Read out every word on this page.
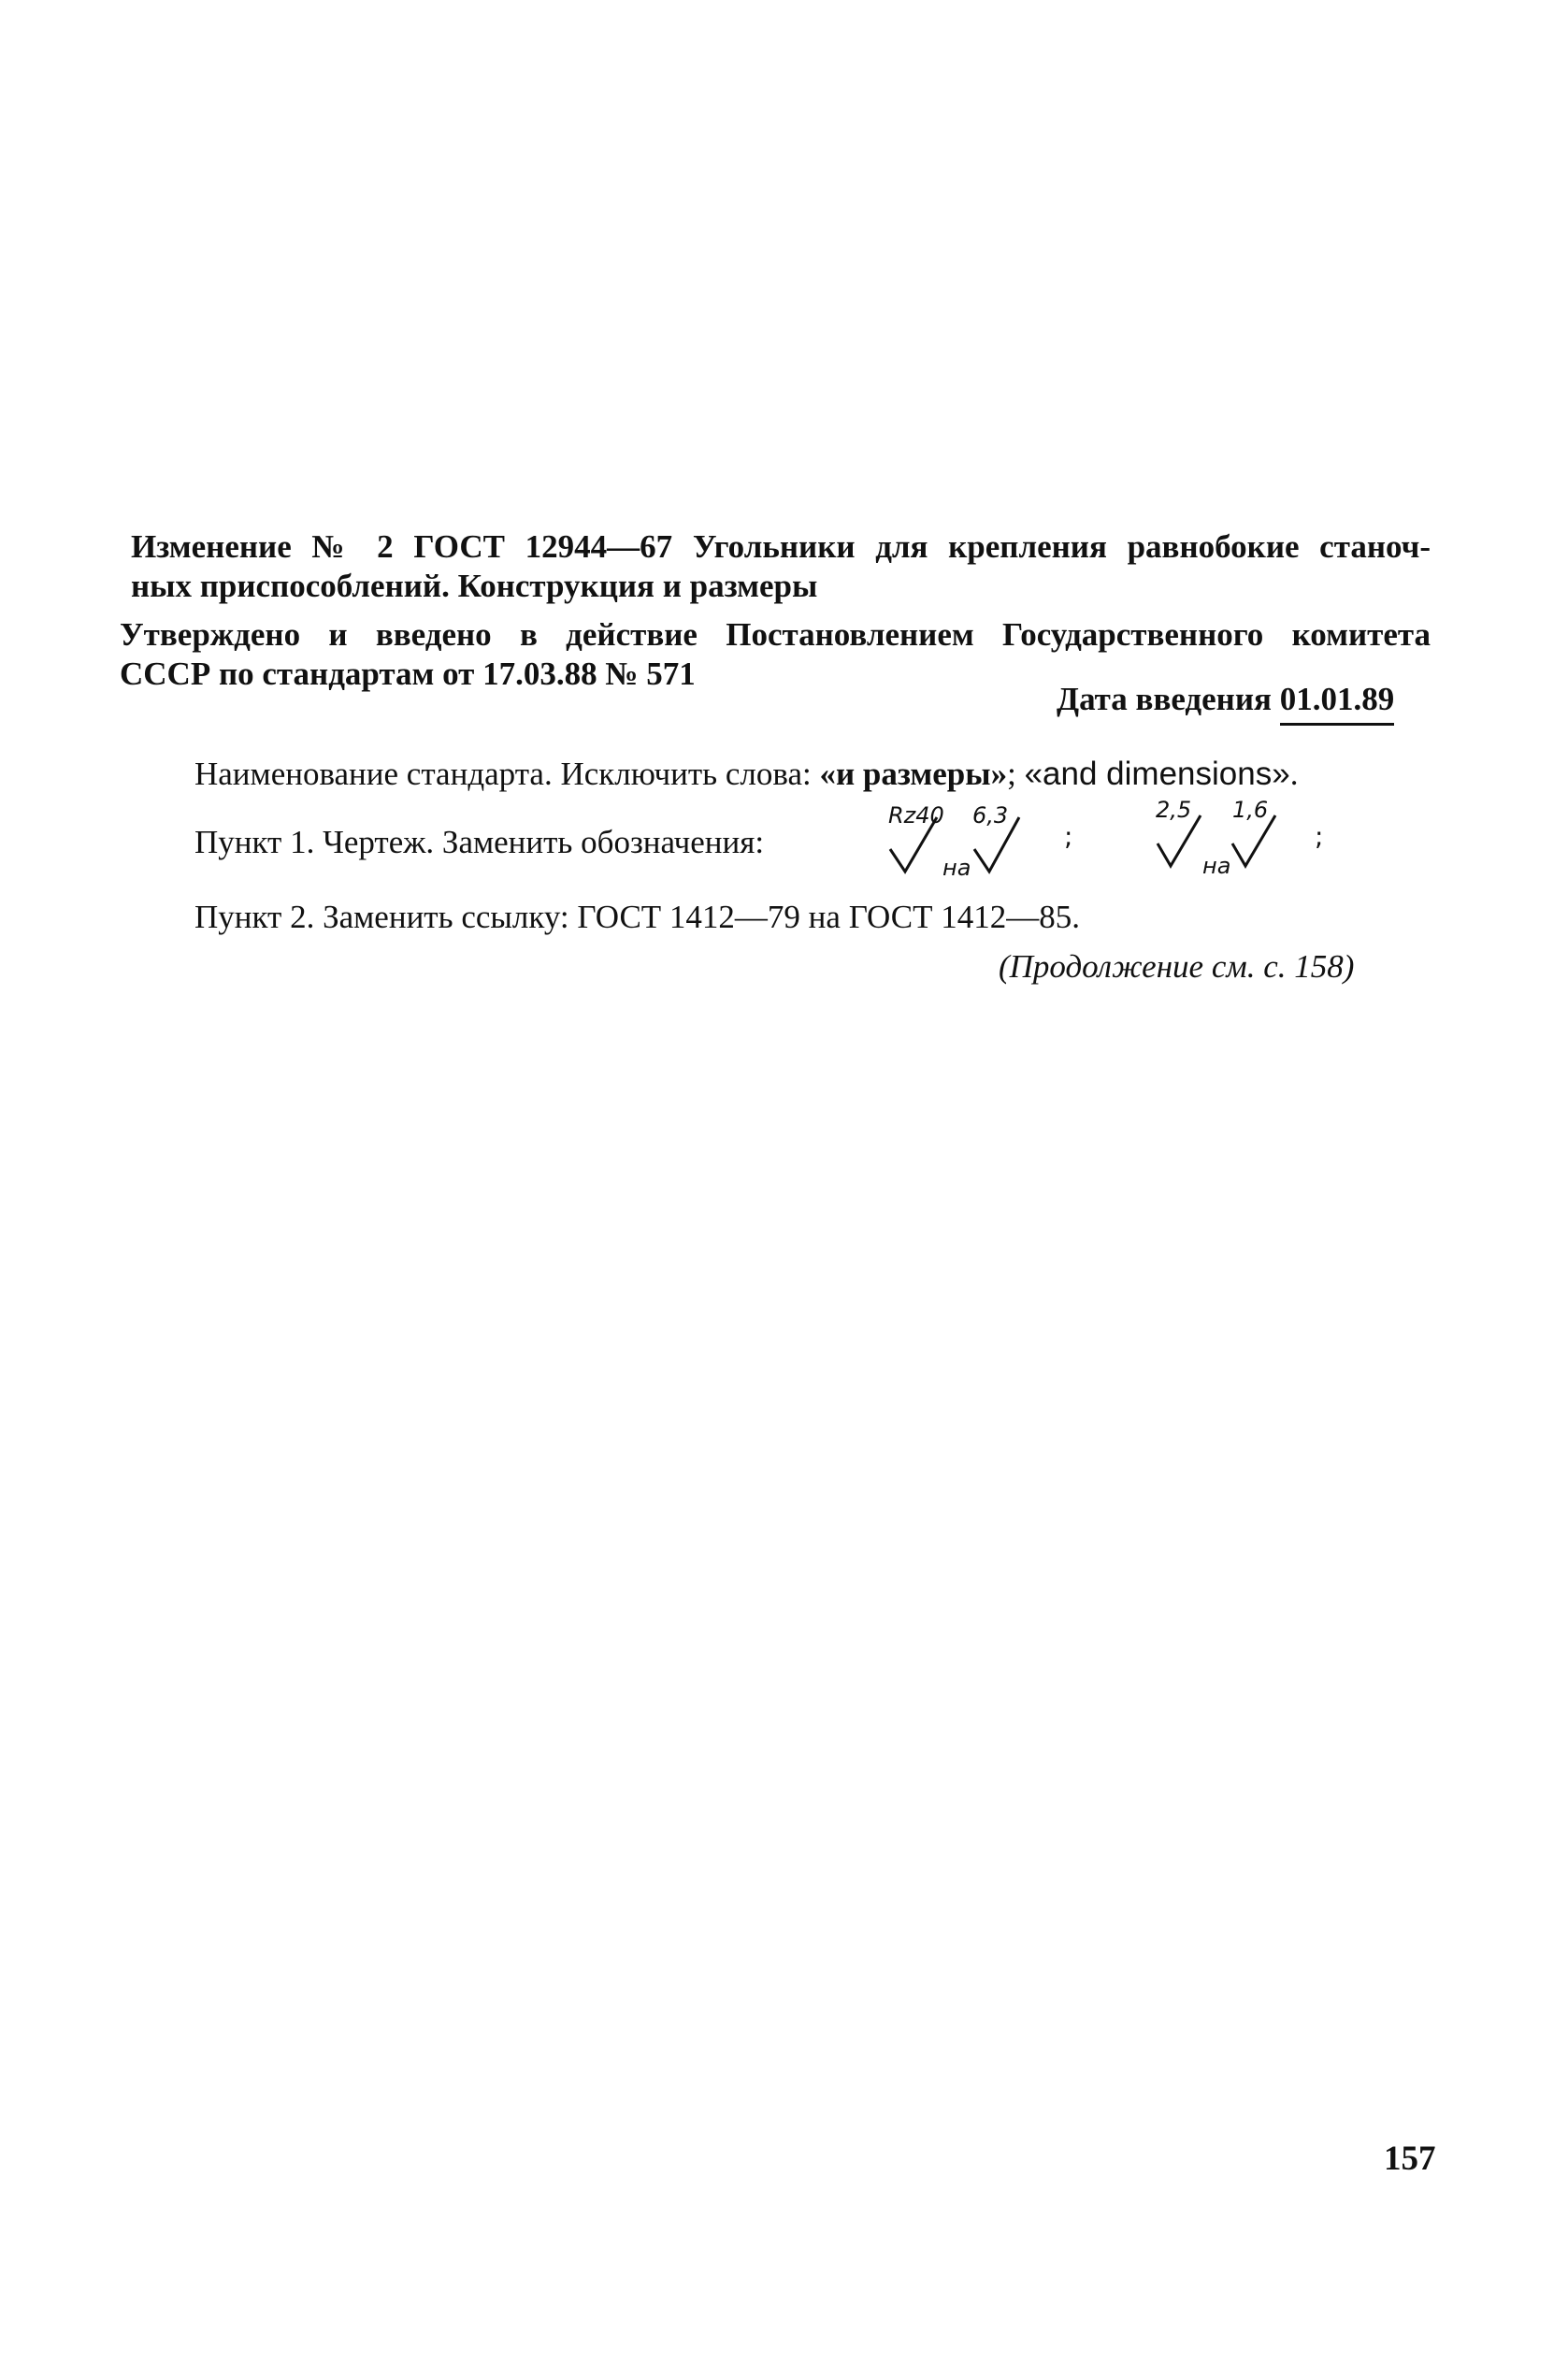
Изменение № 2 ГОСТ 12944—67 Угольники для крепления равнобокие станоч-
ных приспособлений. Конструкция и размеры
Утверждено и введено в действие Постановлением Государственного комитета
СССР по стандартам от 17.03.88 № 571
Дата введения 01.01.89
Наименование стандарта. Исключить слова: «и размеры»; «and dimensions».
Пункт 1. Чертеж. Заменить обозначения:
Rz40
на
6,3
;
2,5
на
1,6
;
Пункт 2. Заменить ссылку: ГОСТ 1412—79 на ГОСТ 1412—85.
(Продолжение см. с. 158)
157
